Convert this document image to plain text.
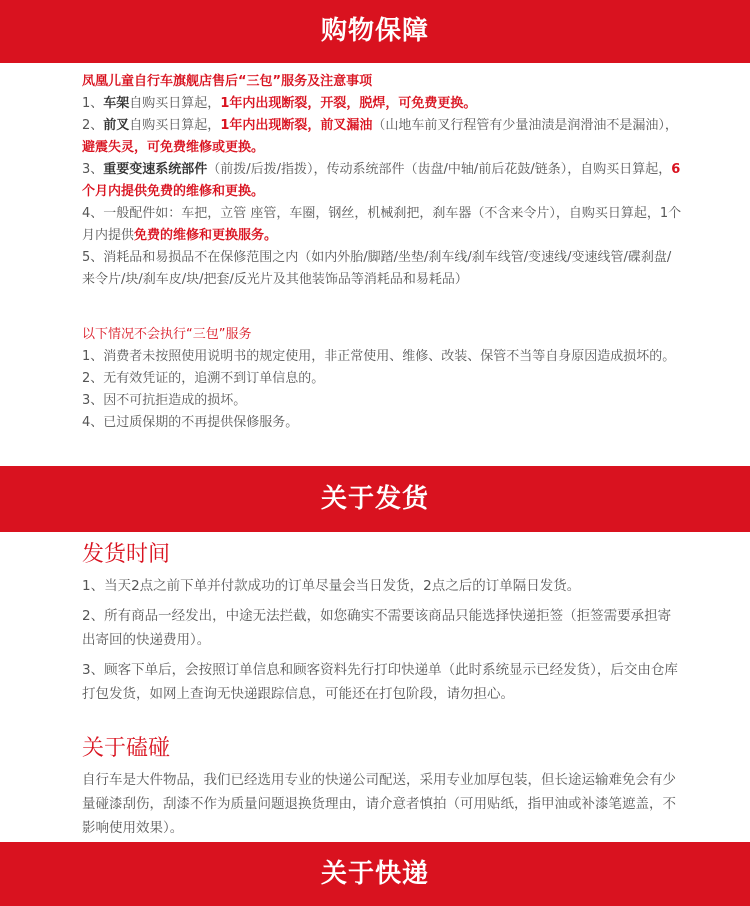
购物保障

凤凰儿童自行车旗舰店售后“三包”服务及注意事项

1、车架自购买日算起，1年内出现断裂，开裂，脱焊，可免费更换。

2、前叉自购买日算起，1年内出现断裂，前叉漏油（山地车前叉行程管有少量油渍是润滑油不是漏油），避震失灵，可免费维修或更换。

3、重要变速系统部件（前拨/后拨/指拨），传动系统部件（齿盘/中轴/前后花鼓/链条），自购买日算起，6个月内提供免费的维修和更换。

4、一般配件如：车把，立管 座管，车圈，钢丝，机械刹把，刹车器（不含来令片），自购买日算起，1个月内提供免费的维修和更换服务。

5、消耗品和易损品不在保修范围之内（如内外胎/脚踏/坐垫/刹车线/刹车线管/变速线/变速线管/碟刹盘/来令片/块/刹车皮/块/把套/反光片及其他装饰品等消耗品和易耗品）

以下情况不会执行“三包”服务

1、消费者未按照使用说明书的规定使用，非正常使用、维修、改装、保管不当等自身原因造成损坏的。

2、无有效凭证的，追溯不到订单信息的。

3、因不可抗拒造成的损坏。

4、已过质保期的不再提供保修服务。

关于发货

发货时间

1、当天2点之前下单并付款成功的订单尽量会当日发货，2点之后的订单隔日发货。

2、所有商品一经发出，中途无法拦截，如您确实不需要该商品只能选择快递拒签（拒签需要承担寄出寄回的快递费用）。

3、顾客下单后，会按照订单信息和顾客资料先行打印快递单（此时系统显示已经发货），后交由仓库打包发货，如网上查询无快递跟踪信息，可能还在打包阶段，请勿担心。

关于磕碰

自行车是大件物品，我们已经选用专业的快递公司配送，采用专业加厚包装，但长途运输难免会有少量碰漆刮伤，刮漆不作为质量问题退换货理由，请介意者慎拍（可用贴纸，指甲油或补漆笔遮盖，不影响使用效果）。

关于快递
